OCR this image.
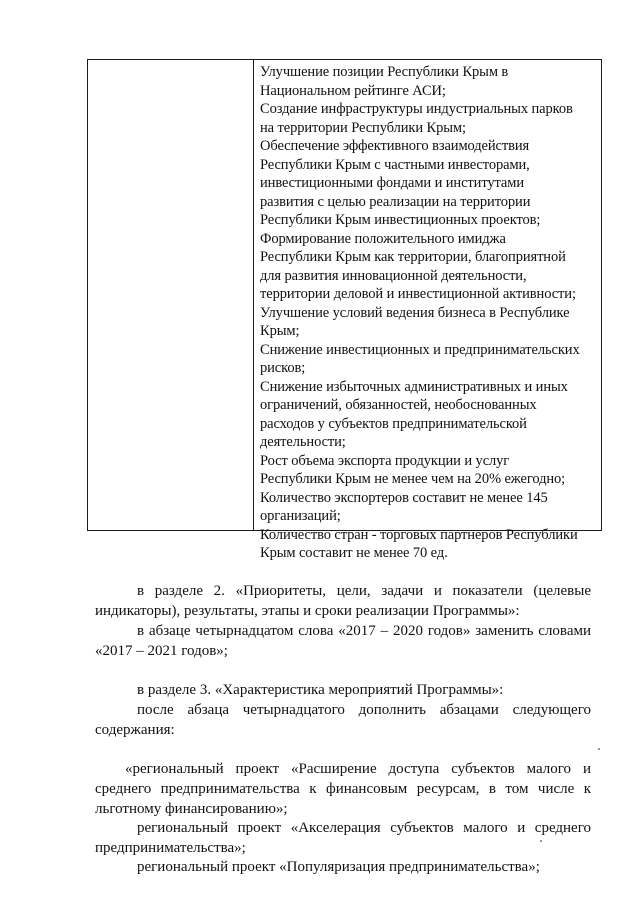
Улучшение позиции Республики Крым в
Национальном рейтинге АСИ;
Создание инфраструктуры индустриальных парков
на территории Республики Крым;
Обеспечение эффективного взаимодействия
Республики Крым с частными инвесторами,
инвестиционными фондами и институтами
развития с целью реализации на территории
Республики Крым инвестиционных проектов;
Формирование положительного имиджа
Республики Крым как территории, благоприятной
для развития инновационной деятельности,
территории деловой и инвестиционной активности;
Улучшение условий ведения бизнеса в Республике
Крым;
Снижение инвестиционных и предпринимательских
рисков;
Снижение избыточных административных и иных
ограничений, обязанностей, необоснованных
расходов у субъектов предпринимательской
деятельности;
Рост объема экспорта продукции и услуг
Республики Крым не менее чем на 20% ежегодно;
Количество экспортеров составит не менее 145
организаций;
Количество стран - торговых партнеров Республики
Крым составит не менее 70 ед.
в разделе 2. «Приоритеты, цели, задачи и показатели (целевые
индикаторы), результаты, этапы и сроки реализации Программы»:
в абзаце четырнадцатом слова «2017 – 2020 годов» заменить словами
«2017 – 2021 годов»;
в разделе 3. «Характеристика мероприятий Программы»:
после абзаца четырнадцатого дополнить абзацами следующего
содержания:
«региональный проект «Расширение доступа субъектов малого и
среднего предпринимательства к финансовым ресурсам, в том числе к
льготному финансированию»;
региональный проект «Акселерация субъектов малого и среднего
предпринимательства»;
региональный проект «Популяризация предпринимательства»;
